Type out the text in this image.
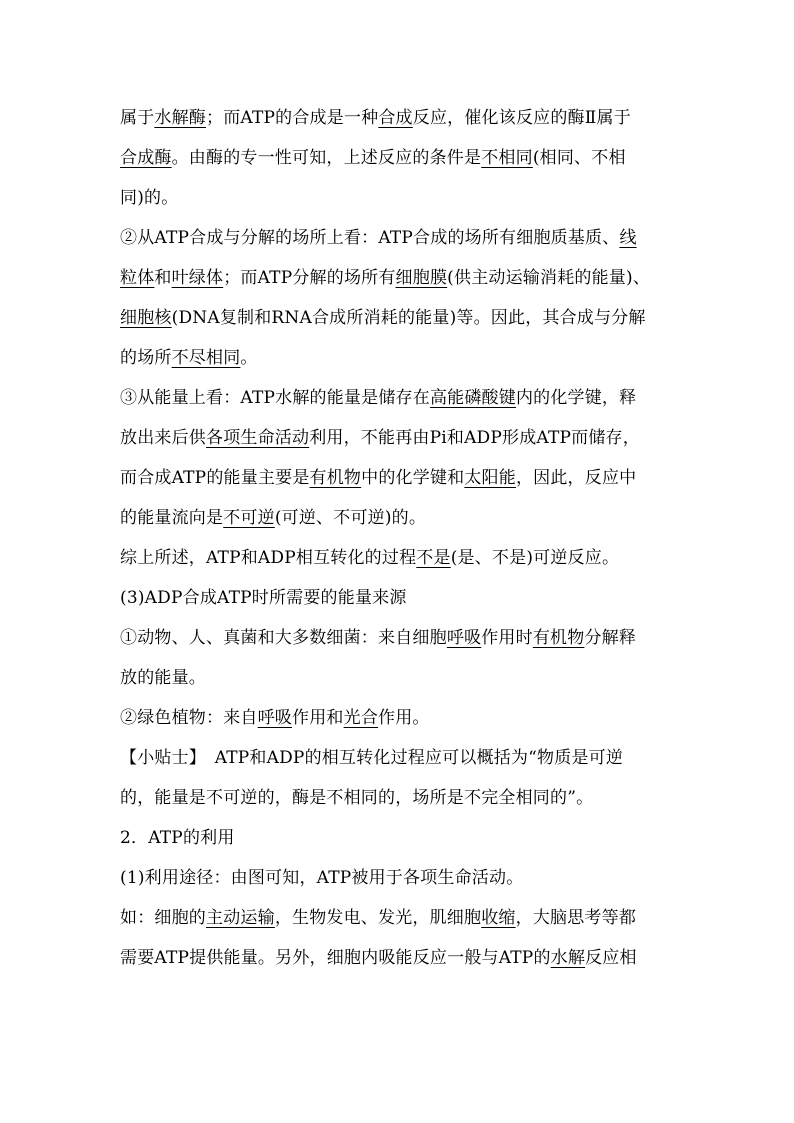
属于水解酶；而ATP的合成是一种合成反应，催化该反应的酶Ⅱ属于
合成酶。由酶的专一性可知，上述反应的条件是不相同(相同、不相
同)的。
②从ATP合成与分解的场所上看：ATP合成的场所有细胞质基质、线
粒体和叶绿体；而ATP分解的场所有细胞膜(供主动运输消耗的能量)、
细胞核(DNA复制和RNA合成所消耗的能量)等。因此，其合成与分解
的场所不尽相同。
③从能量上看：ATP水解的能量是储存在高能磷酸键内的化学键，释
放出来后供各项生命活动利用，不能再由Pi和ADP形成ATP而储存，
而合成ATP的能量主要是有机物中的化学键和太阳能，因此，反应中
的能量流向是不可逆(可逆、不可逆)的。
综上所述，ATP和ADP相互转化的过程不是(是、不是)可逆反应。
(3)ADP合成ATP时所需要的能量来源
①动物、人、真菌和大多数细菌：来自细胞呼吸作用时有机物分解释
放的能量。
②绿色植物：来自呼吸作用和光合作用。
【小贴士】　ATP和ADP的相互转化过程应可以概括为“物质是可逆
的，能量是不可逆的，酶是不相同的，场所是不完全相同的”。
2．ATP的利用
(1)利用途径：由图可知，ATP被用于各项生命活动。
如：细胞的主动运输，生物发电、发光，肌细胞收缩，大脑思考等都
需要ATP提供能量。另外，细胞内吸能反应一般与ATP的水解反应相
